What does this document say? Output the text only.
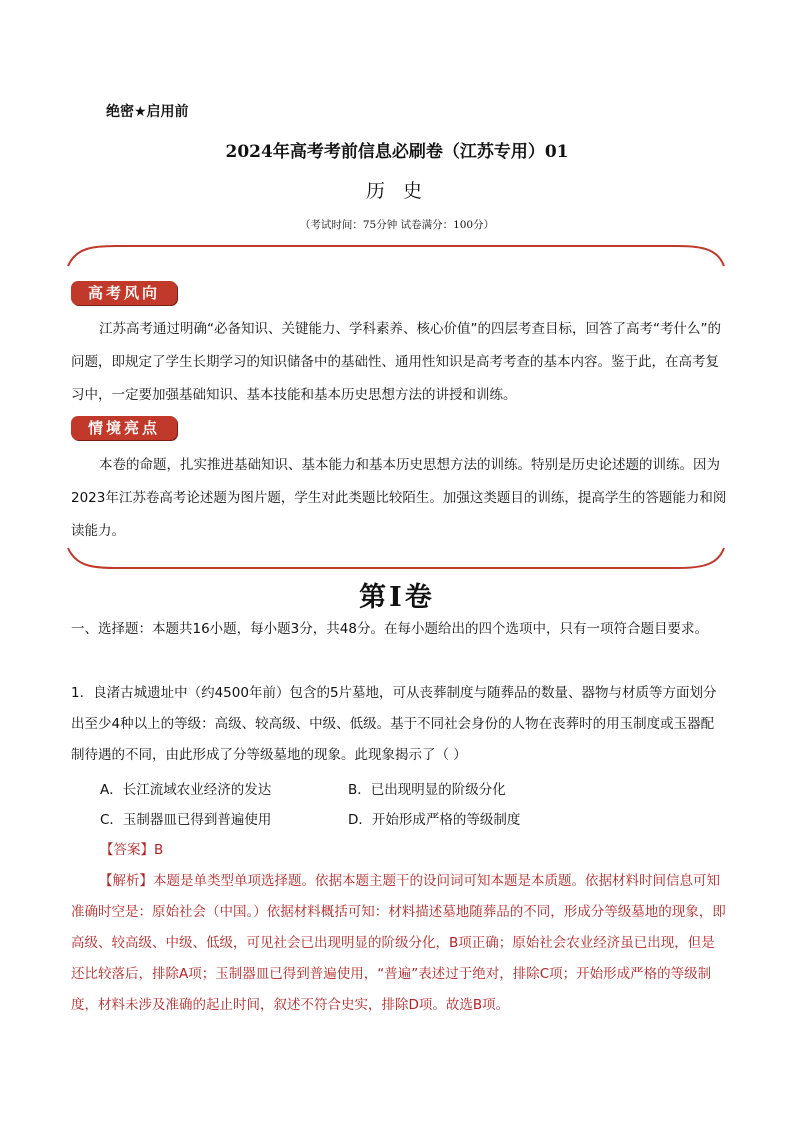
绝密★启用前
2024年高考考前信息必刷卷（江苏专用）01
历 史
（考试时间：75分钟 试卷满分：100分）
高考风向
江苏高考通过明确“必备知识、关键能力、学科素养、核心价值”的四层考查目标，回答了高考“考什么”的问题，即规定了学生长期学习的知识储备中的基础性、通用性知识是高考考查的基本内容。鉴于此，在高考复习中，一定要加强基础知识、基本技能和基本历史思想方法的讲授和训练。
情境亮点
本卷的命题，扎实推进基础知识、基本能力和基本历史思想方法的训练。特别是历史论述题的训练。因为2023年江苏卷高考论述题为图片题，学生对此类题比较陌生。加强这类题目的训练，提高学生的答题能力和阅读能力。
第Ⅰ卷
一、选择题：本题共16小题，每小题3分，共48分。在每小题给出的四个选项中，只有一项符合题目要求。
1．良渚古城遗址中（约4500年前）包含的5片墓地，可从丧葬制度与随葬品的数量、器物与材质等方面划分出至少4种以上的等级：高级、较高级、中级、低级。基于不同社会身份的人物在丧葬时的用玉制度或玉器配制待遇的不同，由此形成了分等级墓地的现象。此现象揭示了（ ）
A．长江流域农业经济的发达	B．已出现明显的阶级分化
C．玉制器皿已得到普遍使用	D．开始形成严格的等级制度
【答案】B
【解析】本题是单类型单项选择题。依据本题主题干的设问词可知本题是本质题。依据材料时间信息可知准确时空是：原始社会（中国。）依据材料概括可知：材料描述墓地随葬品的不同，形成分等级墓地的现象，即高级、较高级、中级、低级，可见社会已出现明显的阶级分化，B项正确；原始社会农业经济虽已出现，但是还比较落后，排除A项；玉制器皿已得到普遍使用，“普遍”表述过于绝对，排除C项；开始形成严格的等级制度，材料未涉及准确的起止时间，叙述不符合史实，排除D项。故选B项。
